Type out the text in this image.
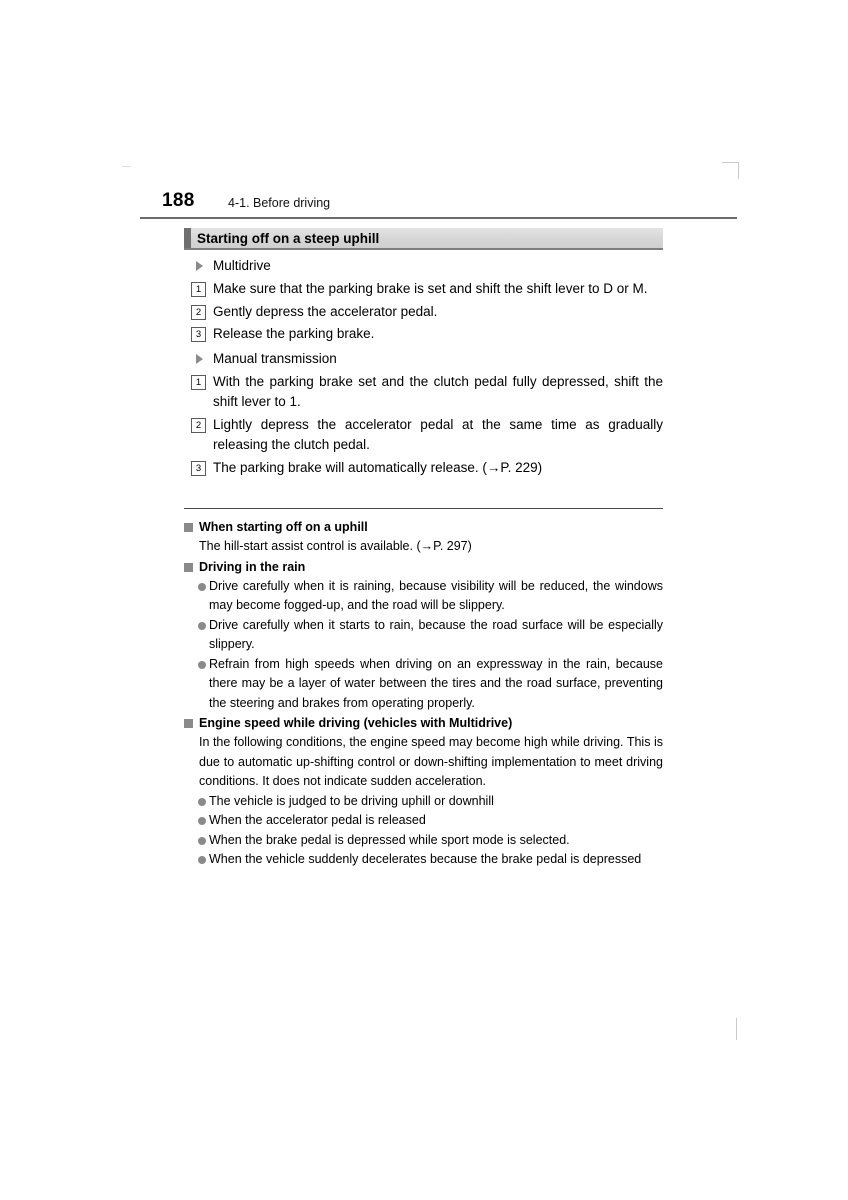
188	4-1. Before driving
Starting off on a steep uphill
Multidrive
1 Make sure that the parking brake is set and shift the shift lever to D or M.
2 Gently depress the accelerator pedal.
3 Release the parking brake.
Manual transmission
1 With the parking brake set and the clutch pedal fully depressed, shift the shift lever to 1.
2 Lightly depress the accelerator pedal at the same time as gradually releasing the clutch pedal.
3 The parking brake will automatically release. (→P. 229)
When starting off on a uphill
The hill-start assist control is available. (→P. 297)
Driving in the rain
Drive carefully when it is raining, because visibility will be reduced, the windows may become fogged-up, and the road will be slippery.
Drive carefully when it starts to rain, because the road surface will be especially slippery.
Refrain from high speeds when driving on an expressway in the rain, because there may be a layer of water between the tires and the road surface, preventing the steering and brakes from operating properly.
Engine speed while driving (vehicles with Multidrive)
In the following conditions, the engine speed may become high while driving. This is due to automatic up-shifting control or down-shifting implementation to meet driving conditions. It does not indicate sudden acceleration.
The vehicle is judged to be driving uphill or downhill
When the accelerator pedal is released
When the brake pedal is depressed while sport mode is selected.
When the vehicle suddenly decelerates because the brake pedal is depressed
